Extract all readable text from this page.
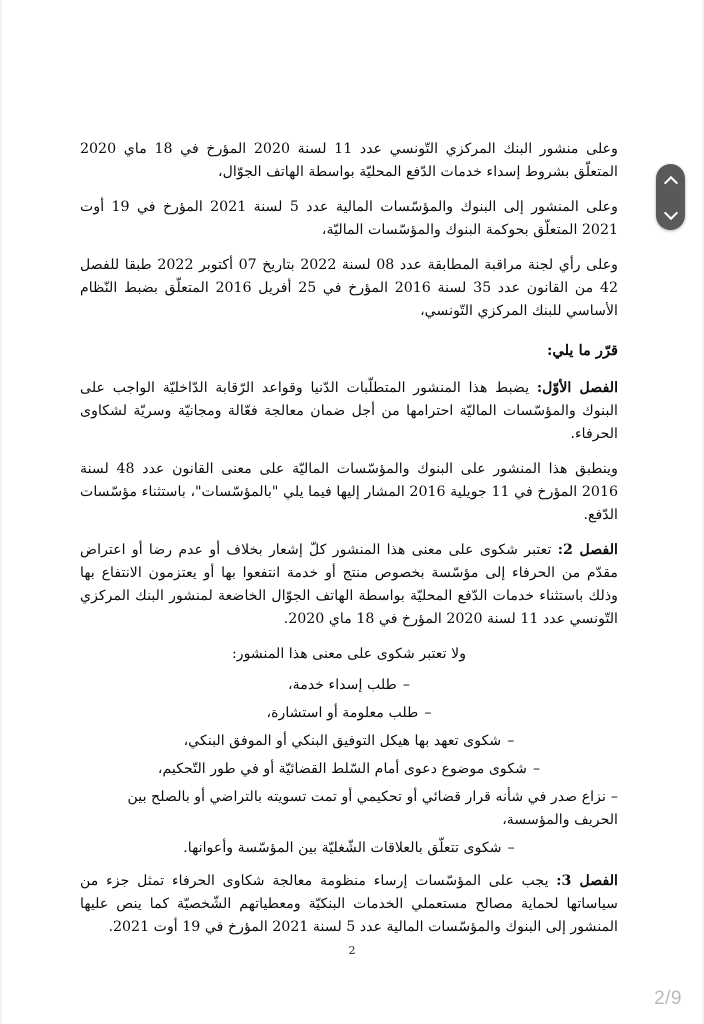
وعلى منشور البنك المركزي التّونسي عدد 11 لسنة 2020 المؤرخ في 18 ماي 2020 المتعلّق بشروط إسداء خدمات الدّفع المحليّة بواسطة الهاتف الجوّال،

وعلى المنشور إلى البنوك والمؤسّسات المالية عدد 5 لسنة 2021 المؤرخ في 19 أوت 2021 المتعلّق بحوكمة البنوك والمؤسّسات الماليّة،

وعلى رأي لجنة مراقبة المطابقة عدد 08 لسنة 2022 بتاريخ 07 أكتوبر 2022 طبقا للفصل 42 من القانون عدد 35 لسنة 2016 المؤرخ في 25 أفريل 2016 المتعلّق بضبط النّظام الأساسي للبنك المركزي التّونسي،

قرّر ما يلي:

الفصل الأوّل: يضبط هذا المنشور المتطلّبات الدّنيا وقواعد الرّقابة الدّاخليّة الواجب على البنوك والمؤسّسات الماليّة احترامها من أجل ضمان معالجة فعّالة ومجانيّة وسريّة لشكاوى الحرفاء.

وينطبق هذا المنشور على البنوك والمؤسّسات الماليّة على معنى القانون عدد 48 لسنة 2016 المؤرخ في 11 جويلية 2016 المشار إليها فيما يلي "بالمؤسّسات"، باستثناء مؤسّسات الدّفع.

الفصل 2: تعتبر شكوى على معنى هذا المنشور كلّ إشعار بخلاف أو عدم رضا أو اعتراض مقدّم من الحرفاء إلى مؤسّسة بخصوص منتج أو خدمة انتفعوا بها أو يعتزمون الانتفاع بها وذلك باستثناء خدمات الدّفع المحليّة بواسطة الهاتف الجوّال الخاضعة لمنشور البنك المركزي التّونسي عدد 11 لسنة 2020 المؤرخ في 18 ماي 2020.

ولا تعتبر شكوى على معنى هذا المنشور:

–طلب إسداء خدمة،
–طلب معلومة أو استشارة،
–شكوى تعهد بها هيكل التوفيق البنكي أو الموفق البنكي،
–شكوى موضوع دعوى أمام السّلط القضائيّة أو في طور التّحكيم،
–نزاع صدر في شأنه قرار قضائي أو تحكيمي أو تمت تسويته بالتراضي أو بالصلح بين الحريف والمؤسسة،
–شكوى تتعلّق بالعلاقات الشّغليّة بين المؤسّسة وأعوانها.

الفصل 3: يجب على المؤسّسات إرساء منظومة معالجة شكاوى الحرفاء تمثل جزء من سياساتها لحماية مصالح مستعملي الخدمات البنكيّة ومعطياتهم الشّخصيّة كما ينص عليها المنشور إلى البنوك والمؤسّسات المالية عدد 5 لسنة 2021 المؤرخ في 19 أوت 2021.

2
2/9
